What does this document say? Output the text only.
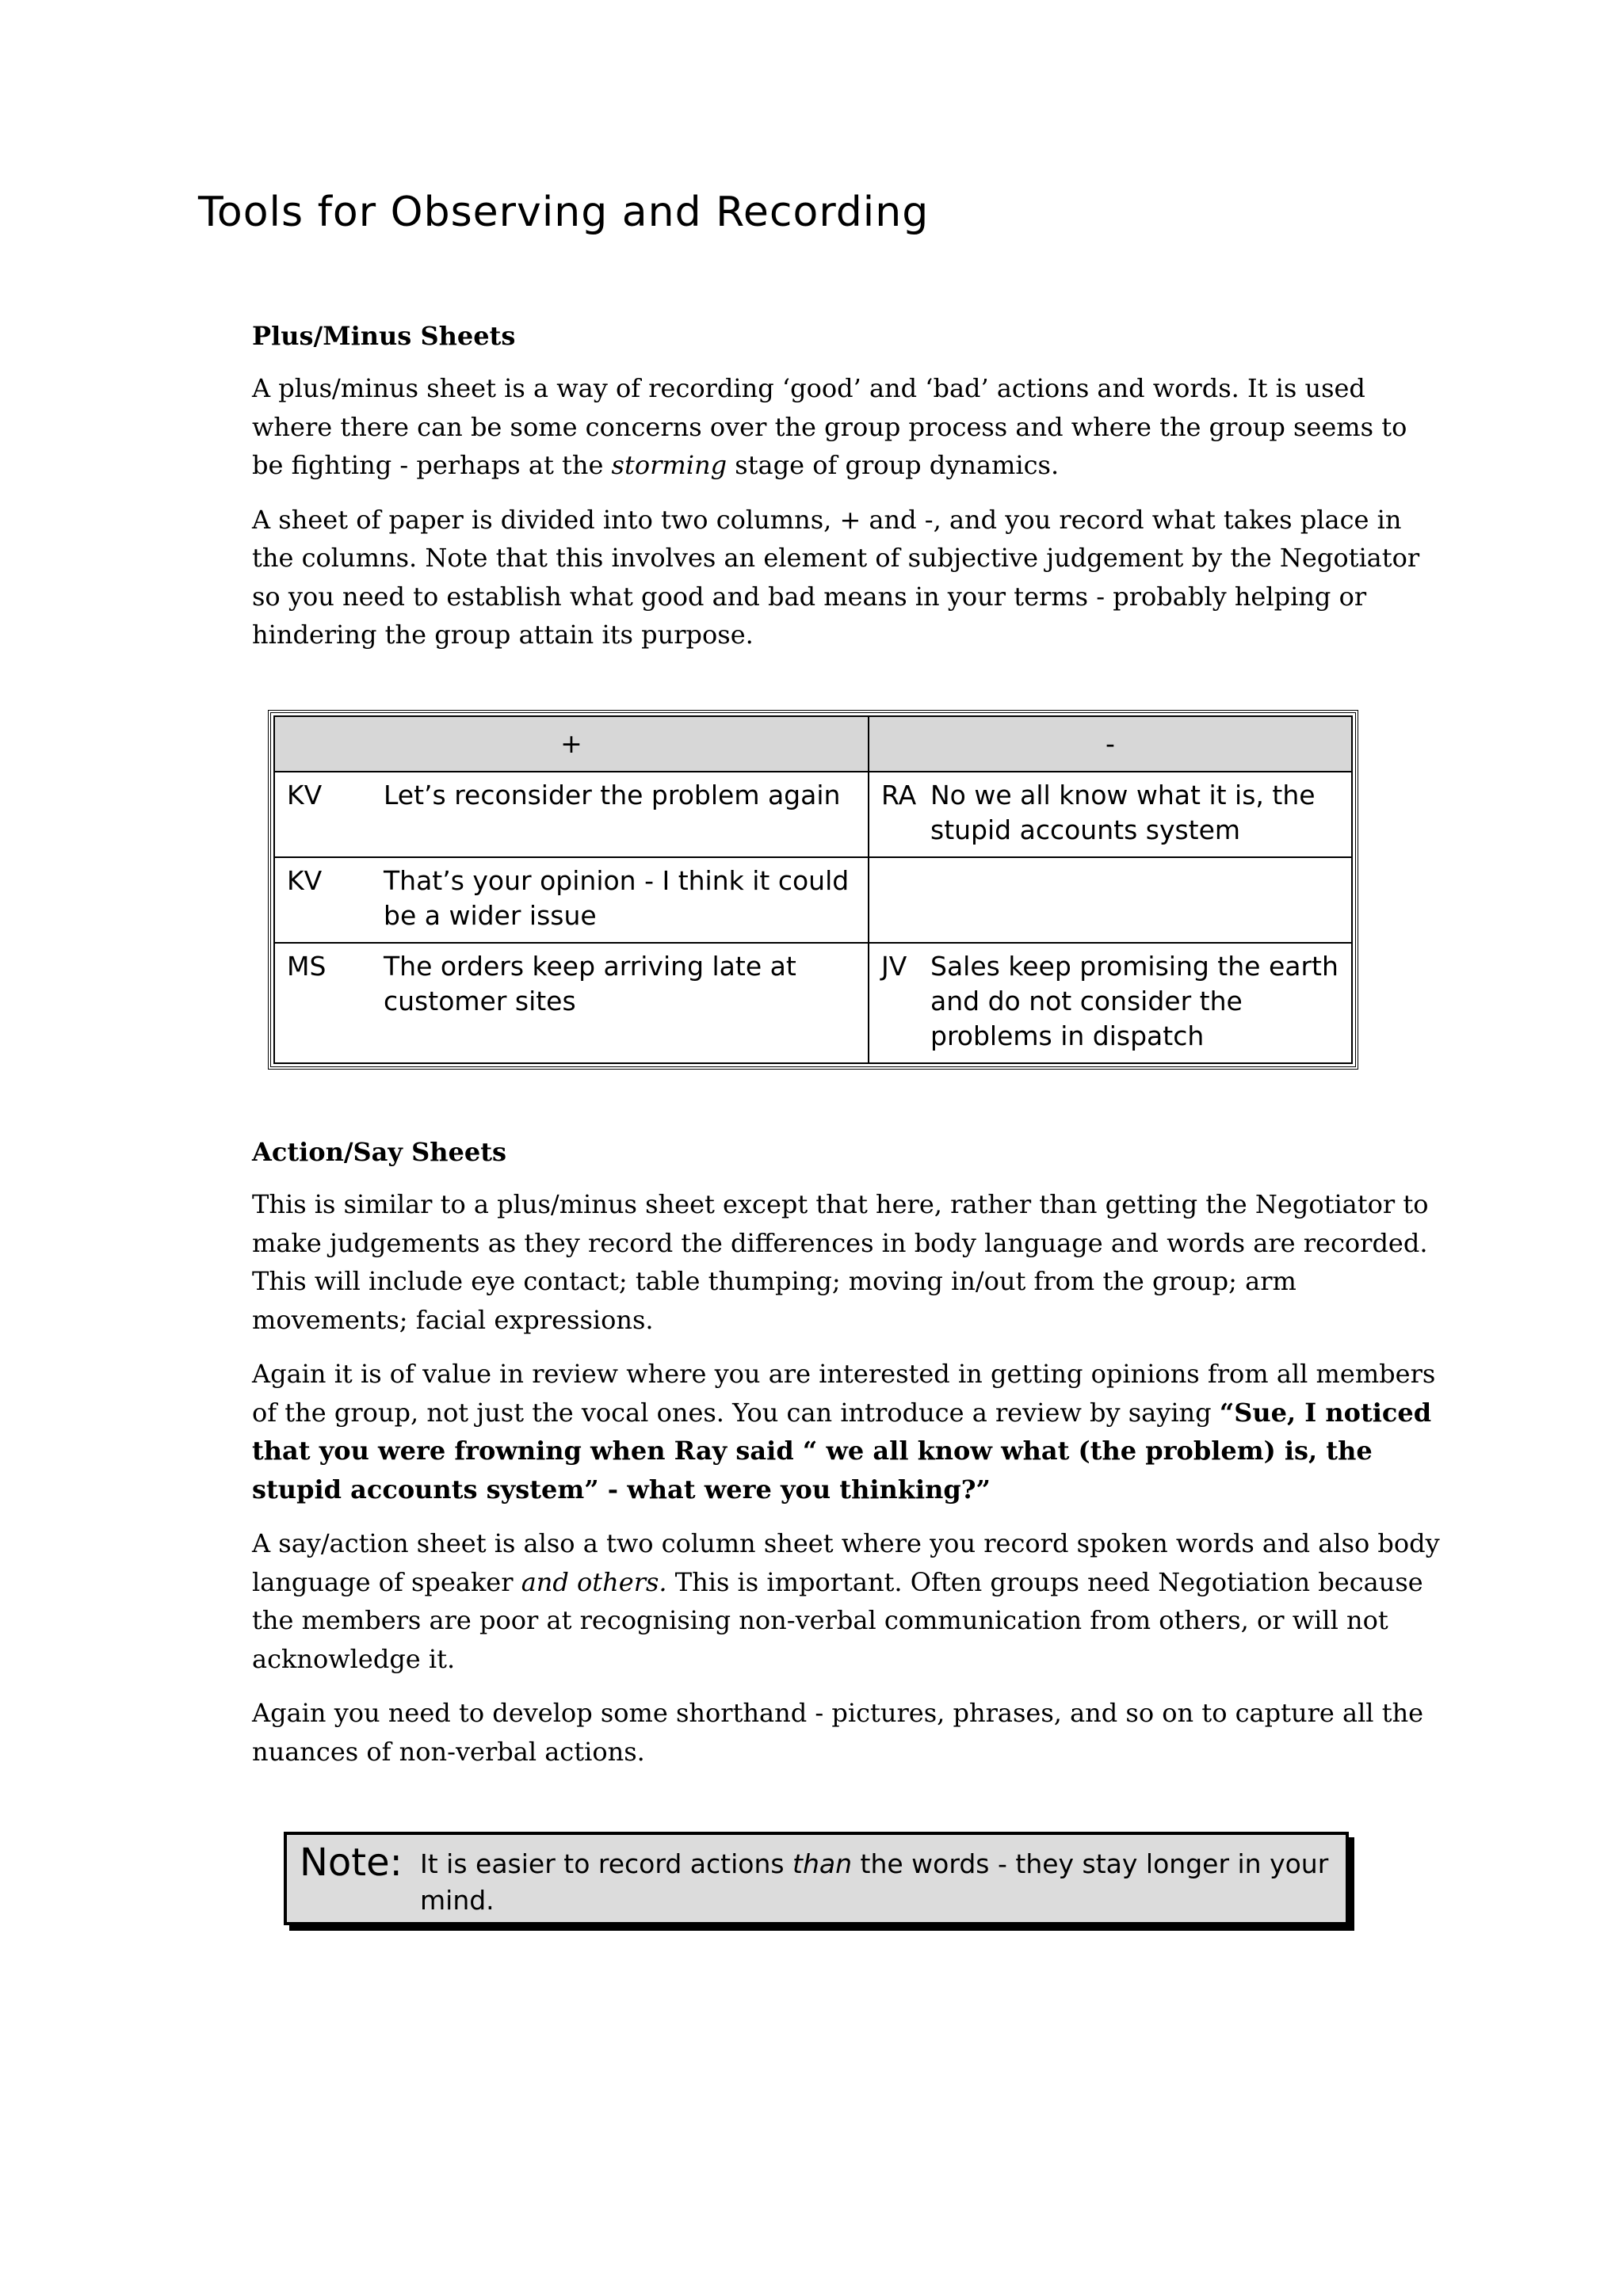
Tools for Observing and Recording
Plus/Minus Sheets

A plus/minus sheet is a way of recording ‘good’ and ‘bad’ actions and words. It is used where there can be some concerns over the group process and where the group seems to be fighting - perhaps at the storming stage of group dynamics.

A sheet of paper is divided into two columns, + and -, and you record what takes place in the columns. Note that this involves an element of subjective judgement by the Negotiator so you need to establish what good and bad means in your terms - probably helping or hindering the group attain its purpose.

+	-

KV Let’s reconsider the problem again	RA No we all know what it is, the stupid accounts system

KV That’s your opinion - I think it could be a wider issue	

MS The orders keep arriving late at customer sites	JV Sales keep promising the earth and do not consider the problems in dispatch
Action/Say Sheets

This is similar to a plus/minus sheet except that here, rather than getting the Negotiator to make judgements as they record the differences in body language and words are recorded. This will include eye contact; table thumping; moving in/out from the group; arm movements; facial expressions.

Again it is of value in review where you are interested in getting opinions from all members of the group, not just the vocal ones. You can introduce a review by saying “Sue, I noticed that you were frowning when Ray said “ we all know what (the problem) is, the stupid accounts system” - what were you thinking?”

A say/action sheet is also a two column sheet where you record spoken words and also body language of speaker and others. This is important. Often groups need Negotiation because the members are poor at recognising non-verbal communication from others, or will not acknowledge it.

Again you need to develop some shorthand - pictures, phrases, and so on to capture all the nuances of non-verbal actions.

Note: It is easier to record actions than the words - they stay longer in your mind.
